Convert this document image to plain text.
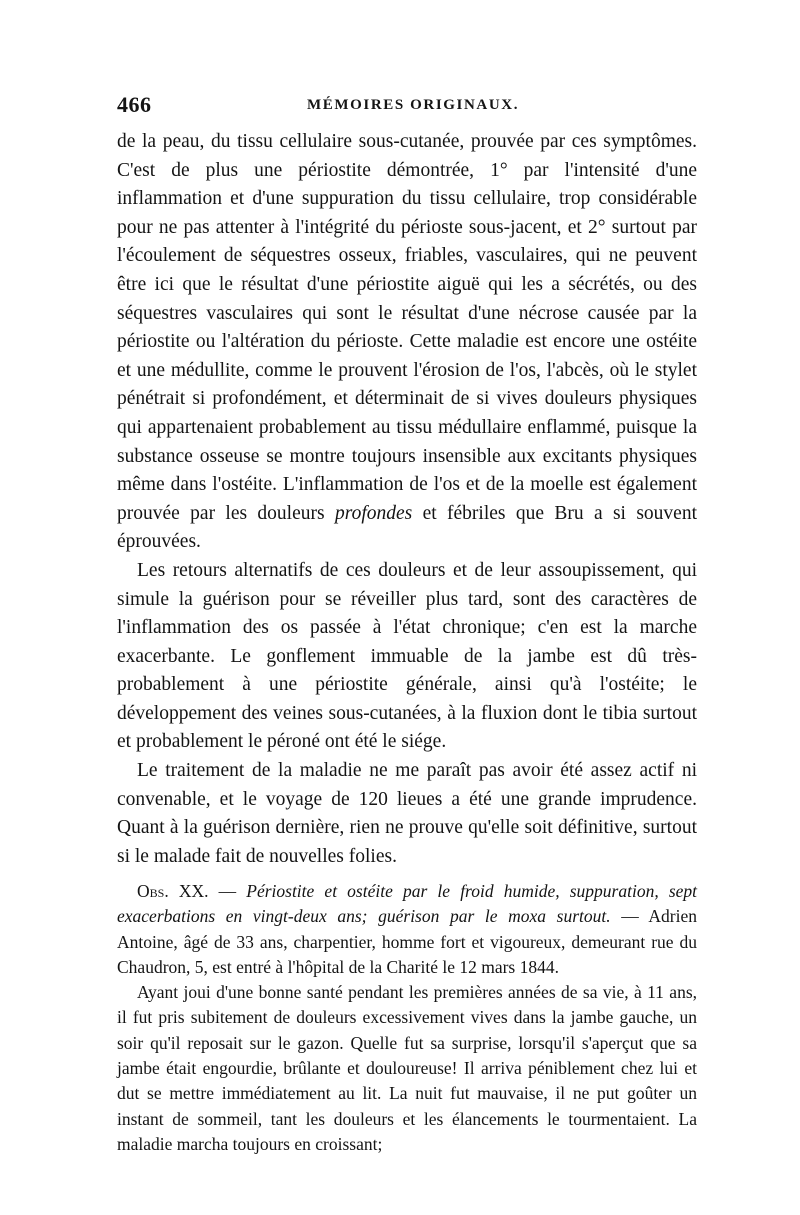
466	MÉMOIRES ORIGINAUX.

de la peau, du tissu cellulaire sous-cutanée, prouvée par ces symptômes. C'est de plus une périostite démontrée, 1° par l'intensité d'une inflammation et d'une suppuration du tissu cellulaire, trop considérable pour ne pas attenter à l'intégrité du périoste sous-jacent, et 2° surtout par l'écoulement de séquestres osseux, friables, vasculaires, qui ne peuvent être ici que le résultat d'une périostite aiguë qui les a sécrétés, ou des séquestres vasculaires qui sont le résultat d'une nécrose causée par la périostite ou l'altération du périoste. Cette maladie est encore une ostéite et une médullite, comme le prouvent l'érosion de l'os, l'abcès, où le stylet pénétrait si profondément, et déterminait de si vives douleurs physiques qui appartenaient probablement au tissu médullaire enflammé, puisque la substance osseuse se montre toujours insensible aux excitants physiques même dans l'ostéite. L'inflammation de l'os et de la moelle est également prouvée par les douleurs profondes et fébriles que Bru a si souvent éprouvées.

Les retours alternatifs de ces douleurs et de leur assoupissement, qui simule la guérison pour se réveiller plus tard, sont des caractères de l'inflammation des os passée à l'état chronique; c'en est la marche exacerbante. Le gonflement immuable de la jambe est dû très-probablement à une périostite générale, ainsi qu'à l'ostéite; le développement des veines sous-cutanées, à la fluxion dont le tibia surtout et probablement le péroné ont été le siége.

Le traitement de la maladie ne me paraît pas avoir été assez actif ni convenable, et le voyage de 120 lieues a été une grande imprudence. Quant à la guérison dernière, rien ne prouve qu'elle soit définitive, surtout si le malade fait de nouvelles folies.

Obs. XX. — Périostite et ostéite par le froid humide, suppuration, sept exacerbations en vingt-deux ans; guérison par le moxa surtout. — Adrien Antoine, âgé de 33 ans, charpentier, homme fort et vigoureux, demeurant rue du Chaudron, 5, est entré à l'hôpital de la Charité le 12 mars 1844.

Ayant joui d'une bonne santé pendant les premières années de sa vie, à 11 ans, il fut pris subitement de douleurs excessivement vives dans la jambe gauche, un soir qu'il reposait sur le gazon. Quelle fut sa surprise, lorsqu'il s'aperçut que sa jambe était engourdie, brûlante et douloureuse! Il arriva péniblement chez lui et dut se mettre immédiatement au lit. La nuit fut mauvaise, il ne put goûter un instant de sommeil, tant les douleurs et les élancements le tourmentaient. La maladie marcha toujours en croissant;
